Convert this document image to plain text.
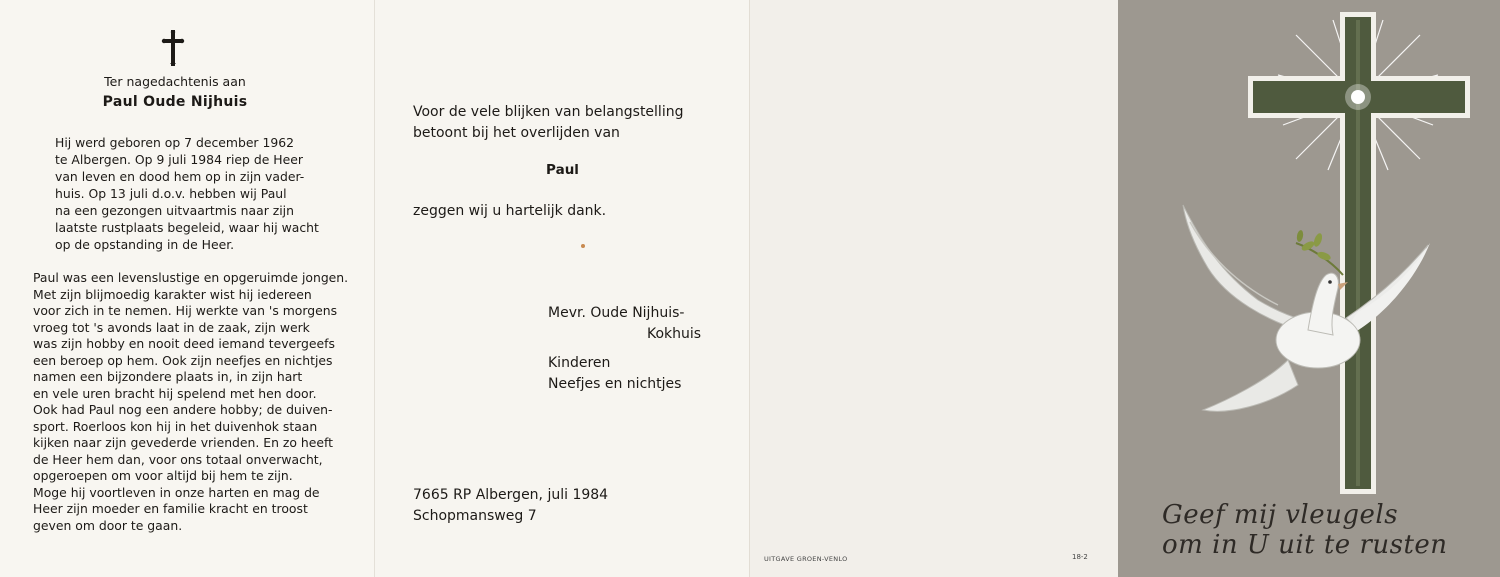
Ter nagedachtenis aan
Paul Oude Nijhuis
Hij werd geboren op 7 december 1962
te Albergen. Op 9 juli 1984 riep de Heer
van leven en dood hem op in zijn vader-
huis. Op 13 juli d.o.v. hebben wij Paul
na een gezongen uitvaartmis naar zijn
laatste rustplaats begeleid, waar hij wacht
op de opstanding in de Heer.
Paul was een levenslustige en opgeruimde jongen.
Met zijn blijmoedig karakter wist hij iedereen
voor zich in te nemen. Hij werkte van 's morgens
vroeg tot 's avonds laat in de zaak, zijn werk
was zijn hobby en nooit deed iemand tevergeefs
een beroep op hem. Ook zijn neefjes en nichtjes
namen een bijzondere plaats in, in zijn hart
en vele uren bracht hij spelend met hen door.
Ook had Paul nog een andere hobby; de duiven-
sport. Roerloos kon hij in het duivenhok staan
kijken naar zijn gevederde vrienden. En zo heeft
de Heer hem dan, voor ons totaal onverwacht,
opgeroepen om voor altijd bij hem te zijn.
Moge hij voortleven in onze harten en mag de
Heer zijn moeder en familie kracht en troost
geven om door te gaan.
Voor de vele blijken van belangstelling
betoont bij het overlijden van
Paul
zeggen wij u hartelijk dank.
Mevr. Oude Nijhuis-
Kokhuis
Kinderen
Neefjes en nichtjes
7665 RP Albergen, juli 1984
Schopmansweg 7
UITGAVE GROEN-VENLO	18-2
Geef mij vleugels
om in U uit te rusten
